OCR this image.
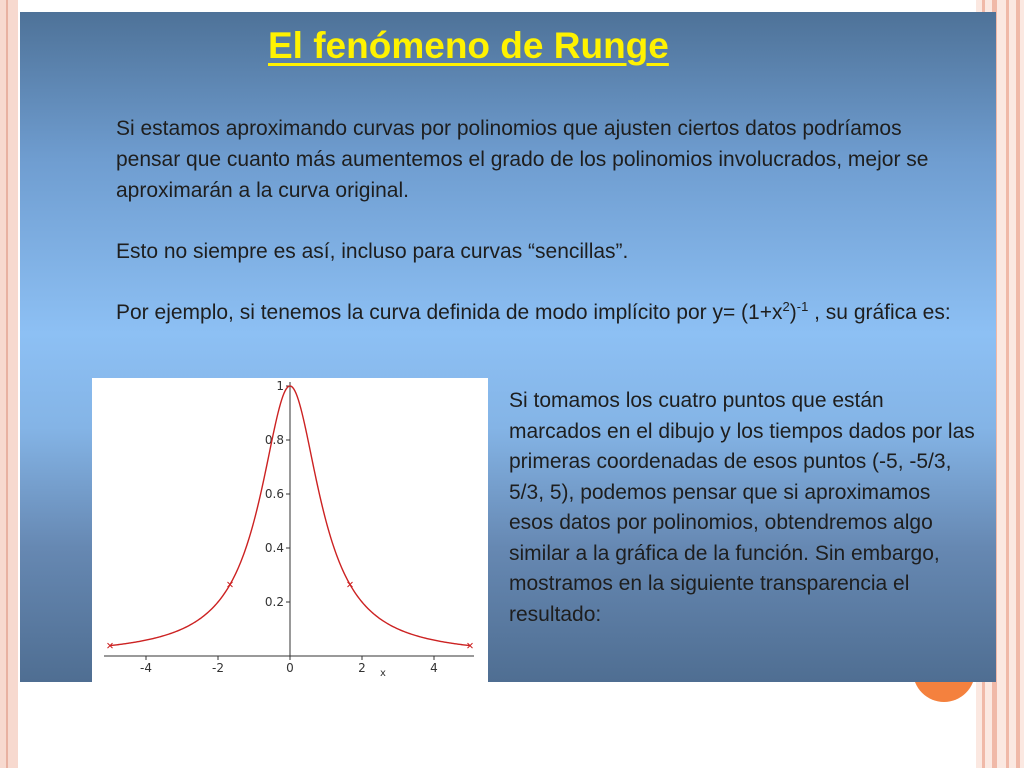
El fenómeno de Runge

Si estamos aproximando curvas por polinomios que ajusten ciertos datos podríamos pensar que cuanto más aumentemos el grado de los polinomios involucrados, mejor se aproximarán a la curva original.

Esto no siempre es así, incluso para curvas “sencillas”.

Por ejemplo, si tenemos la curva definida de modo implícito por $y= (1+x^2)^{-1}$ , su gráfica es:

-4	-2	0	2	4
0.2
0.4
0.6
0.8
1
x

Si tomamos los cuatro puntos que están marcados en el dibujo y los tiempos dados por las primeras coordenadas de esos puntos (-5, -5/3, 5/3, 5), podemos pensar que si aproximamos esos datos por polinomios, obtendremos algo similar a la gráfica de la función. Sin embargo, mostramos en la siguiente transparencia el resultado:
